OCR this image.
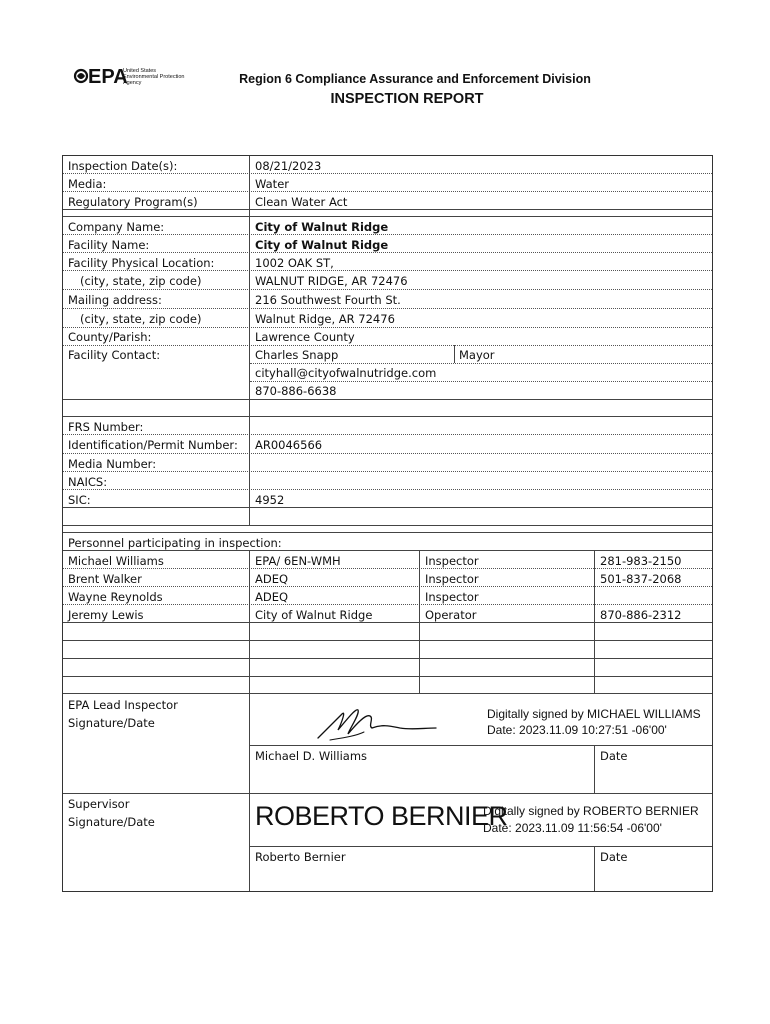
EPA
United States
Environmental Protection
Agency	Region 6 Compliance Assurance and Enforcement Division
INSPECTION REPORT
Inspection Date(s):	08/21/2023
Media:	Water
Regulatory Program(s)	Clean Water Act
Company Name:	City of Walnut Ridge
Facility Name:	City of Walnut Ridge
Facility Physical Location:	1002 OAK ST,
(city, state, zip code)	WALNUT RIDGE, AR 72476
Mailing address:	216 Southwest Fourth St.
(city, state, zip code)	Walnut Ridge, AR 72476
County/Parish:	Lawrence County
Facility Contact:	Charles Snapp	Mayor
cityhall@cityofwalnutridge.com
870-886-6638
FRS Number:
Identification/Permit Number: AR0046566
Media Number:
NAICS:
SIC:	4952
Personnel participating in inspection:
Michael Williams	EPA/ 6EN-WMH	Inspector	281-983-2150
Brent Walker	ADEQ	Inspector	501-837-2068
Wayne Reynolds	ADEQ	Inspector
Jeremy Lewis	City of Walnut Ridge	Operator	870-886-2312
EPA Lead Inspector
Signature/Date
Digitally signed by MICHAEL WILLIAMS
Date: 2023.11.09 10:27:51 -06'00'
Michael D. Williams	Date
Supervisor
Signature/Date	ROBERTO BERNIER
Digitally signed by ROBERTO BERNIER
Date: 2023.11.09 11:56:54 -06'00'
Roberto Bernier	Date
